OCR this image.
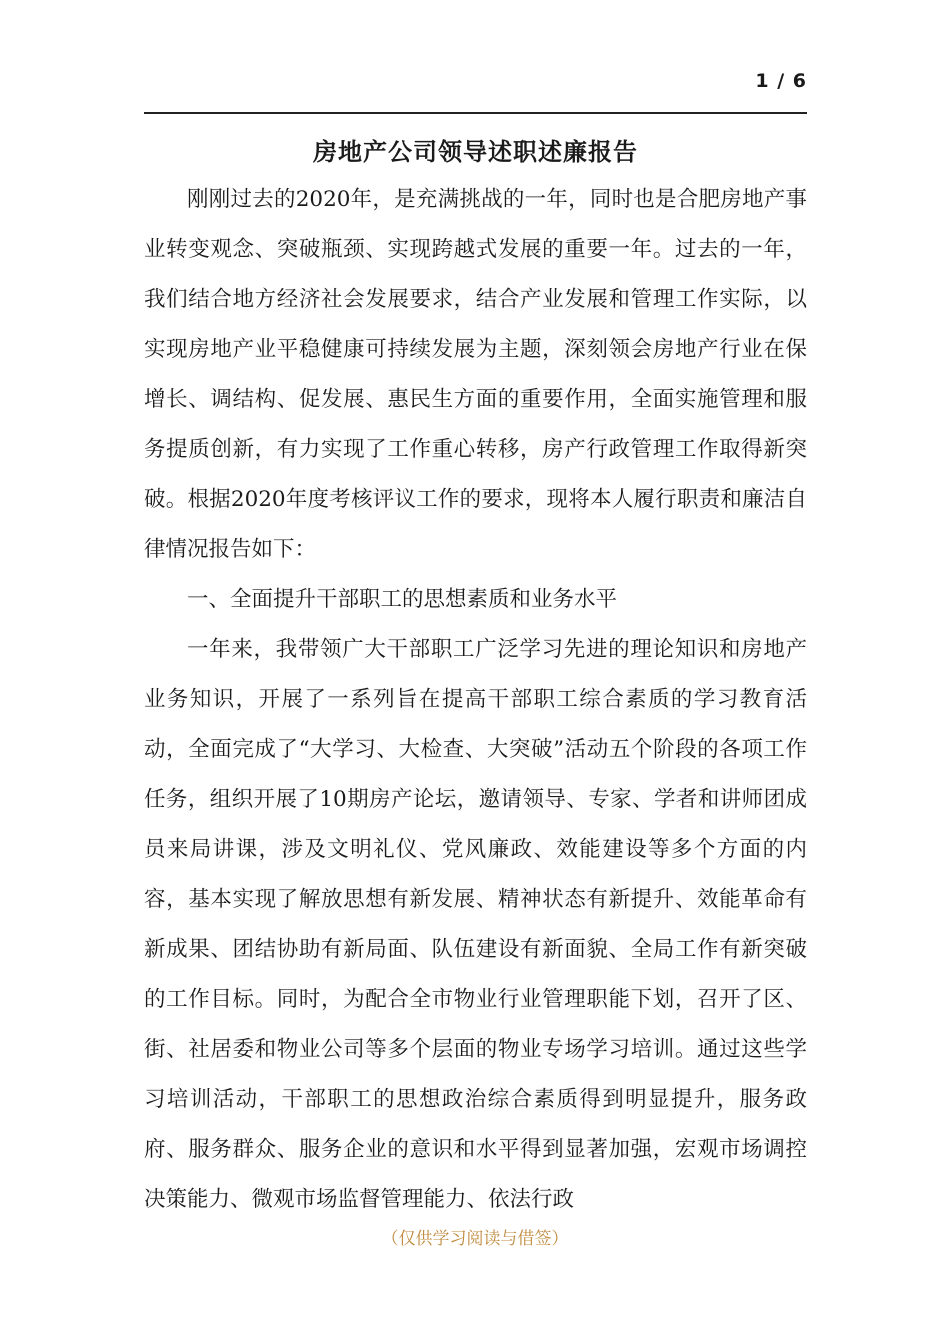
1 / 6
房地产公司领导述职述廉报告

刚刚过去的2020年，是充满挑战的一年，同时也是合肥房地产事业转变观念、突破瓶颈、实现跨越式发展的重要一年。过去的一年，我们结合地方经济社会发展要求，结合产业发展和管理工作实际，以实现房地产业平稳健康可持续发展为主题，深刻领会房地产行业在保增长、调结构、促发展、惠民生方面的重要作用，全面实施管理和服务提质创新，有力实现了工作重心转移，房产行政管理工作取得新突破。根据2020年度考核评议工作的要求，现将本人履行职责和廉洁自律情况报告如下：

一、全面提升干部职工的思想素质和业务水平

一年来，我带领广大干部职工广泛学习先进的理论知识和房地产业务知识，开展了一系列旨在提高干部职工综合素质的学习教育活动，全面完成了“大学习、大检查、大突破”活动五个阶段的各项工作任务，组织开展了10期房产论坛，邀请领导、专家、学者和讲师团成员来局讲课，涉及文明礼仪、党风廉政、效能建设等多个方面的内容，基本实现了解放思想有新发展、精神状态有新提升、效能革命有新成果、团结协助有新局面、队伍建设有新面貌、全局工作有新突破的工作目标。同时，为配合全市物业行业管理职能下划，召开了区、街、社居委和物业公司等多个层面的物业专场学习培训。通过这些学习培训活动，干部职工的思想政治综合素质得到明显提升，服务政府、服务群众、服务企业的意识和水平得到显著加强，宏观市场调控决策能力、微观市场监督管理能力、依法行政

（仅供学习阅读与借签）
